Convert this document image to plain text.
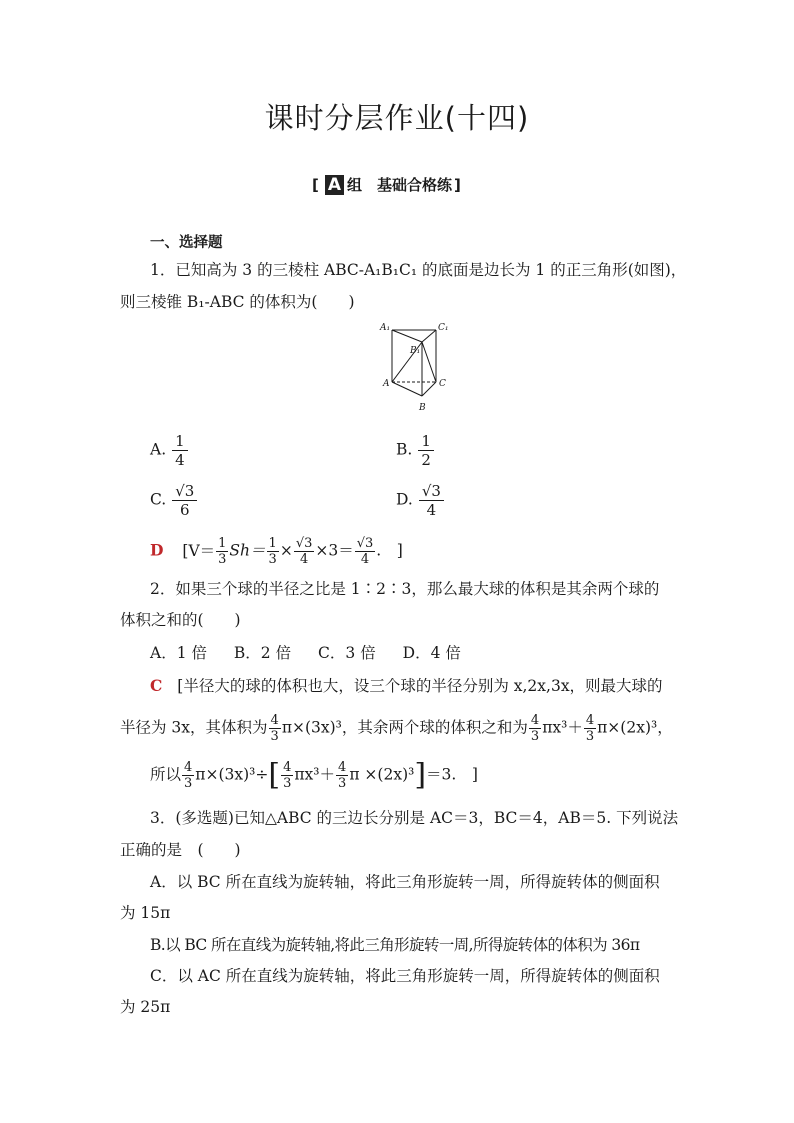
课时分层作业(十四)
[ A 组　基础合格练 ]
一、选择题
1．已知高为 3 的三棱柱 ABC-A₁B₁C₁ 的底面是边长为 1 的正三角形(如图)，
则三棱锥 B₁-ABC 的体积为(　　)
A₁	C₁
B₁
A	C
B
A. $\frac{1}{4}$	B. $\frac{1}{2}$
C. $\frac{√3}{6}$	D. $\frac{√3}{4}$
D [$V= \frac{1}{3} Sh= \frac{1}{3} \times \frac{√3}{4} \times 3= \frac{√3}{4}$ .　]
2．如果三个球的半径之比是 1∶2∶3，那么最大球的体积是其余两个球的
体积之和的(　　)
A．1 倍 B．2 倍 C．3 倍 D．4 倍
C [半径大的球的体积也大，设三个球的半径分别为 x,2x,3x，则最大球的
半径为 3x，其体积为 $\frac{4}{3} \pi\times(3x)^3$，其余两个球的体积之和为 $\frac{4}{3} \pi x^3+ \frac{4}{3} \pi\times(2x)^3$，
所以 $\frac{4}{3} \pi\times(3x)^3\div[ \frac{4}{3} \pi x^3+ \frac{4}{3}$ π ×(2x)³]＝3.　]
3．(多选题)已知△ABC 的三边长分别是 AC＝3，BC＝4，AB＝5. 下列说法
正确的是　(　　)
A．以 BC 所在直线为旋转轴，将此三角形旋转一周，所得旋转体的侧面积
为 15π
B.以 BC 所在直线为旋转轴,将此三角形旋转一周,所得旋转体的体积为 36π
C．以 AC 所在直线为旋转轴，将此三角形旋转一周，所得旋转体的侧面积
为 25π
